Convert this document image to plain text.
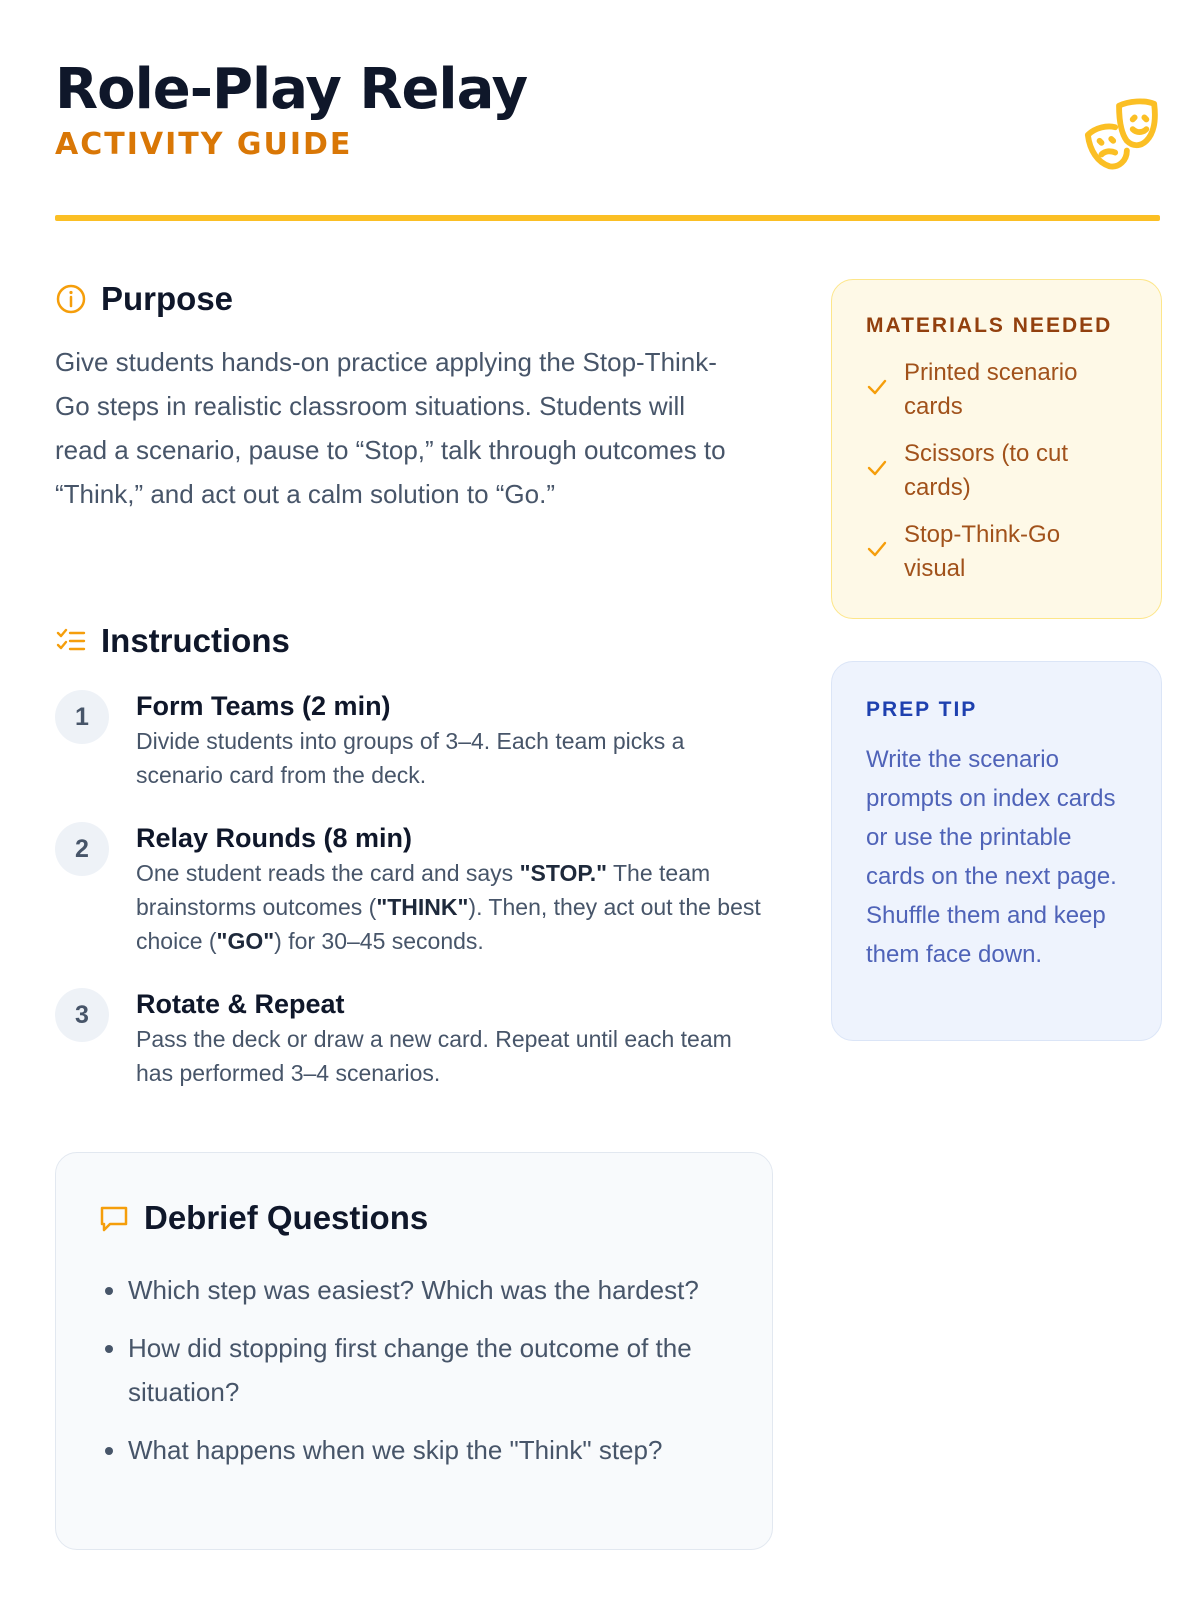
Role-Play Relay
ACTIVITY GUIDE
Purpose
Give students hands-on practice applying the Stop-Think-Go steps in realistic classroom situations. Students will read a scenario, pause to “Stop,” talk through outcomes to “Think,” and act out a calm solution to “Go.”
Instructions
1	Form Teams (2 min)
Divide students into groups of 3–4. Each team picks a scenario card from the deck.
2	Relay Rounds (8 min)
One student reads the card and says "STOP." The team brainstorms outcomes ("THINK"). Then, they act out the best choice ("GO") for 30–45 seconds.
3	Rotate & Repeat
Pass the deck or draw a new card. Repeat until each team has performed 3–4 scenarios.
Debrief Questions
• Which step was easiest? Which was the hardest?
• How did stopping first change the outcome of the situation?
• What happens when we skip the "Think" step?
MATERIALS NEEDED
Printed scenario cards
Scissors (to cut cards)
Stop-Think-Go visual
PREP TIP
Write the scenario prompts on index cards or use the printable cards on the next page. Shuffle them and keep them face down.
